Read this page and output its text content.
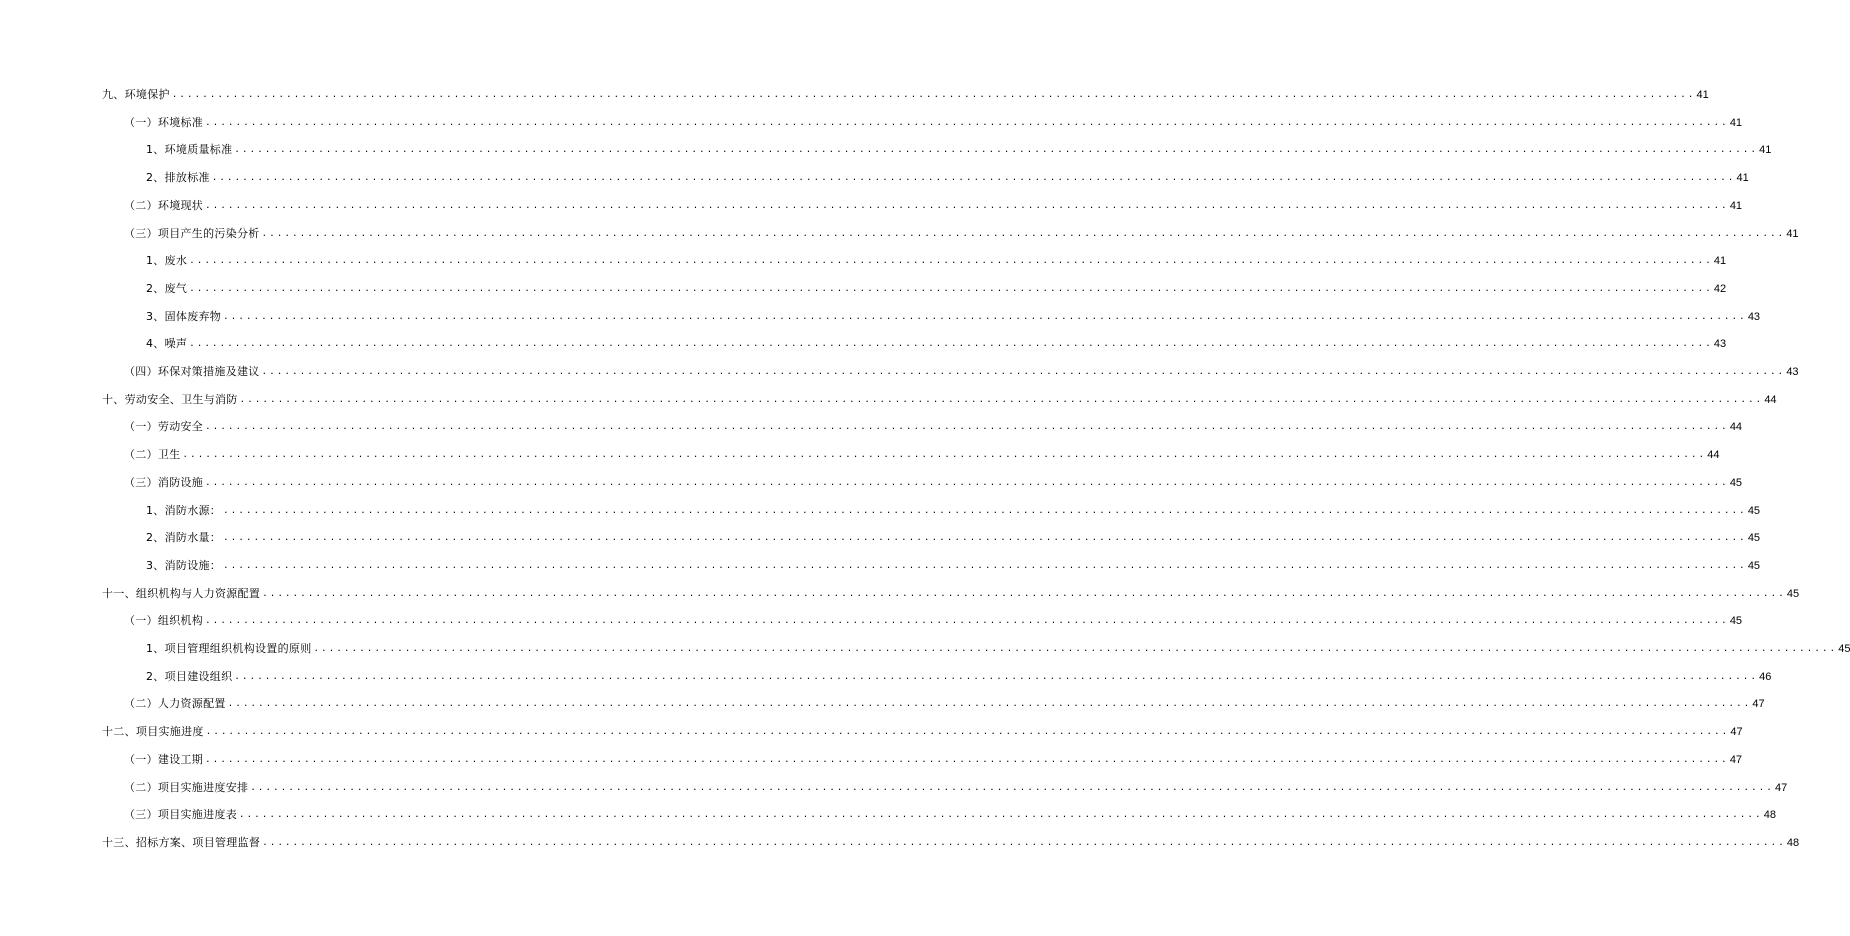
九、环境保护 ........................................................................................................................................................................................................ 41
（一）环境标准 ........................................................................................................................................................................................................ 41
1、环境质量标准 ........................................................................................................................................................................................................ 41
2、排放标准 ........................................................................................................................................................................................................ 41
（二）环境现状 ........................................................................................................................................................................................................ 41
（三）项目产生的污染分析 ........................................................................................................................................................................................................ 41
1、废水 ........................................................................................................................................................................................................ 41
2、废气 ........................................................................................................................................................................................................ 42
3、固体废弃物 ........................................................................................................................................................................................................ 43
4、噪声 ........................................................................................................................................................................................................ 43
（四）环保对策措施及建议 ........................................................................................................................................................................................................ 43
十、劳动安全、卫生与消防 ........................................................................................................................................................................................................ 44
（一）劳动安全 ........................................................................................................................................................................................................ 44
（二）卫生 ........................................................................................................................................................................................................ 44
（三）消防设施 ........................................................................................................................................................................................................ 45
1、消防水源： ........................................................................................................................................................................................................ 45
2、消防水量： ........................................................................................................................................................................................................ 45
3、消防设施： ........................................................................................................................................................................................................ 45
十一、组织机构与人力资源配置 ........................................................................................................................................................................................................ 45
（一）组织机构 ........................................................................................................................................................................................................ 45
1、项目管理组织机构设置的原则 ........................................................................................................................................................................................................ 45
2、项目建设组织 ........................................................................................................................................................................................................ 46
（二）人力资源配置 ........................................................................................................................................................................................................ 47
十二、项目实施进度 ........................................................................................................................................................................................................ 47
（一）建设工期 ........................................................................................................................................................................................................ 47
（二）项目实施进度安排 ........................................................................................................................................................................................................ 47
（三）项目实施进度表 ........................................................................................................................................................................................................ 48
十三、招标方案、项目管理监督 ........................................................................................................................................................................................................ 48
